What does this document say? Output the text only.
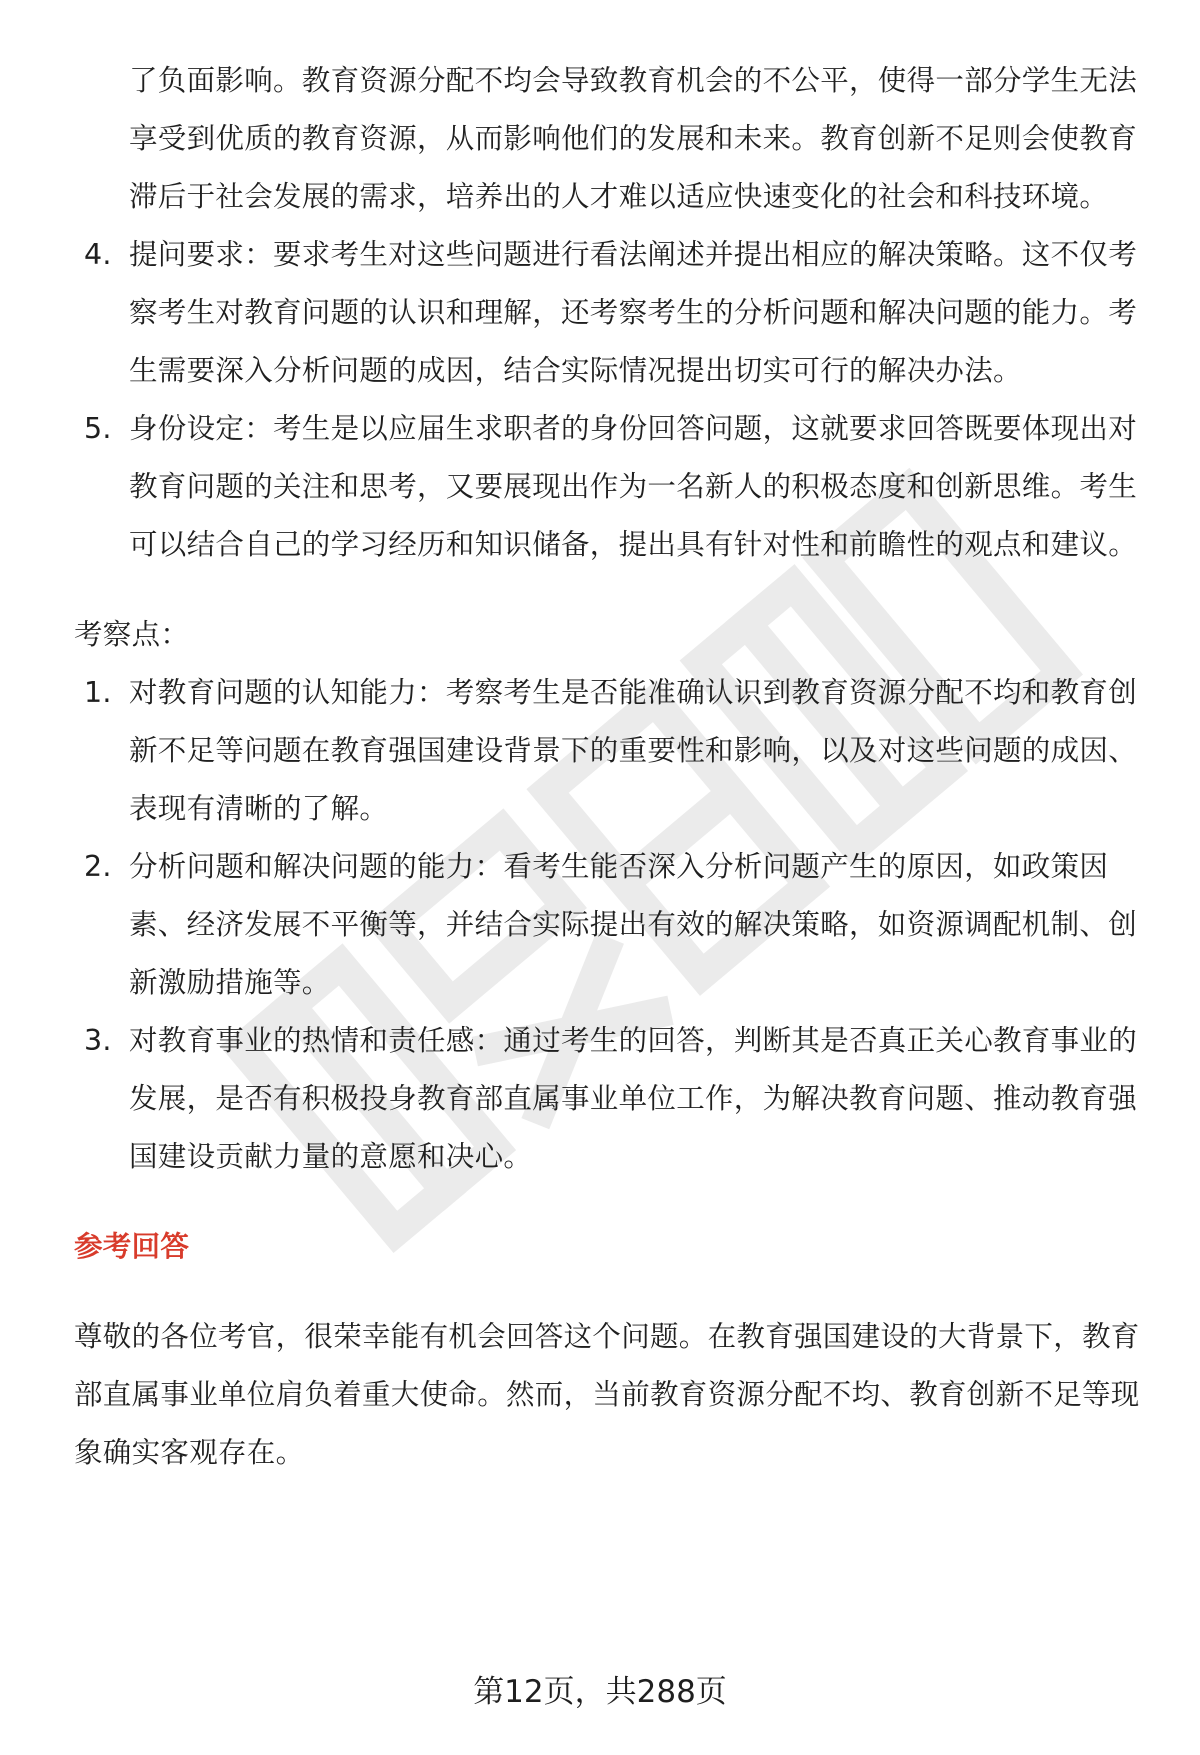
了负面影响。教育资源分配不均会导致教育机会的不公平，使得一部分学生无法享受到优质的教育资源，从而影响他们的发展和未来。教育创新不足则会使教育滞后于社会发展的需求，培养出的人才难以适应快速变化的社会和科技环境。

4. 提问要求：要求考生对这些问题进行看法阐述并提出相应的解决策略。这不仅考察考生对教育问题的认识和理解，还考察考生的分析问题和解决问题的能力。考生需要深入分析问题的成因，结合实际情况提出切实可行的解决办法。
5. 身份设定：考生是以应届生求职者的身份回答问题，这就要求回答既要体现出对教育问题的关注和思考，又要展现出作为一名新人的积极态度和创新思维。考生可以结合自己的学习经历和知识储备，提出具有针对性和前瞻性的观点和建议。

考察点：

1. 对教育问题的认知能力：考察考生是否能准确认识到教育资源分配不均和教育创新不足等问题在教育强国建设背景下的重要性和影响，以及对这些问题的成因、表现有清晰的了解。
2. 分析问题和解决问题的能力：看考生能否深入分析问题产生的原因，如政策因素、经济发展不平衡等，并结合实际提出有效的解决策略，如资源调配机制、创新激励措施等。
3. 对教育事业的热情和责任感：通过考生的回答，判断其是否真正关心教育事业的发展，是否有积极投身教育部直属事业单位工作，为解决教育问题、推动教育强国建设贡献力量的意愿和决心。

参考回答

尊敬的各位考官，很荣幸能有机会回答这个问题。在教育强国建设的大背景下，教育部直属事业单位肩负着重大使命。然而，当前教育资源分配不均、教育创新不足等现象确实客观存在。

第12页，共288页
